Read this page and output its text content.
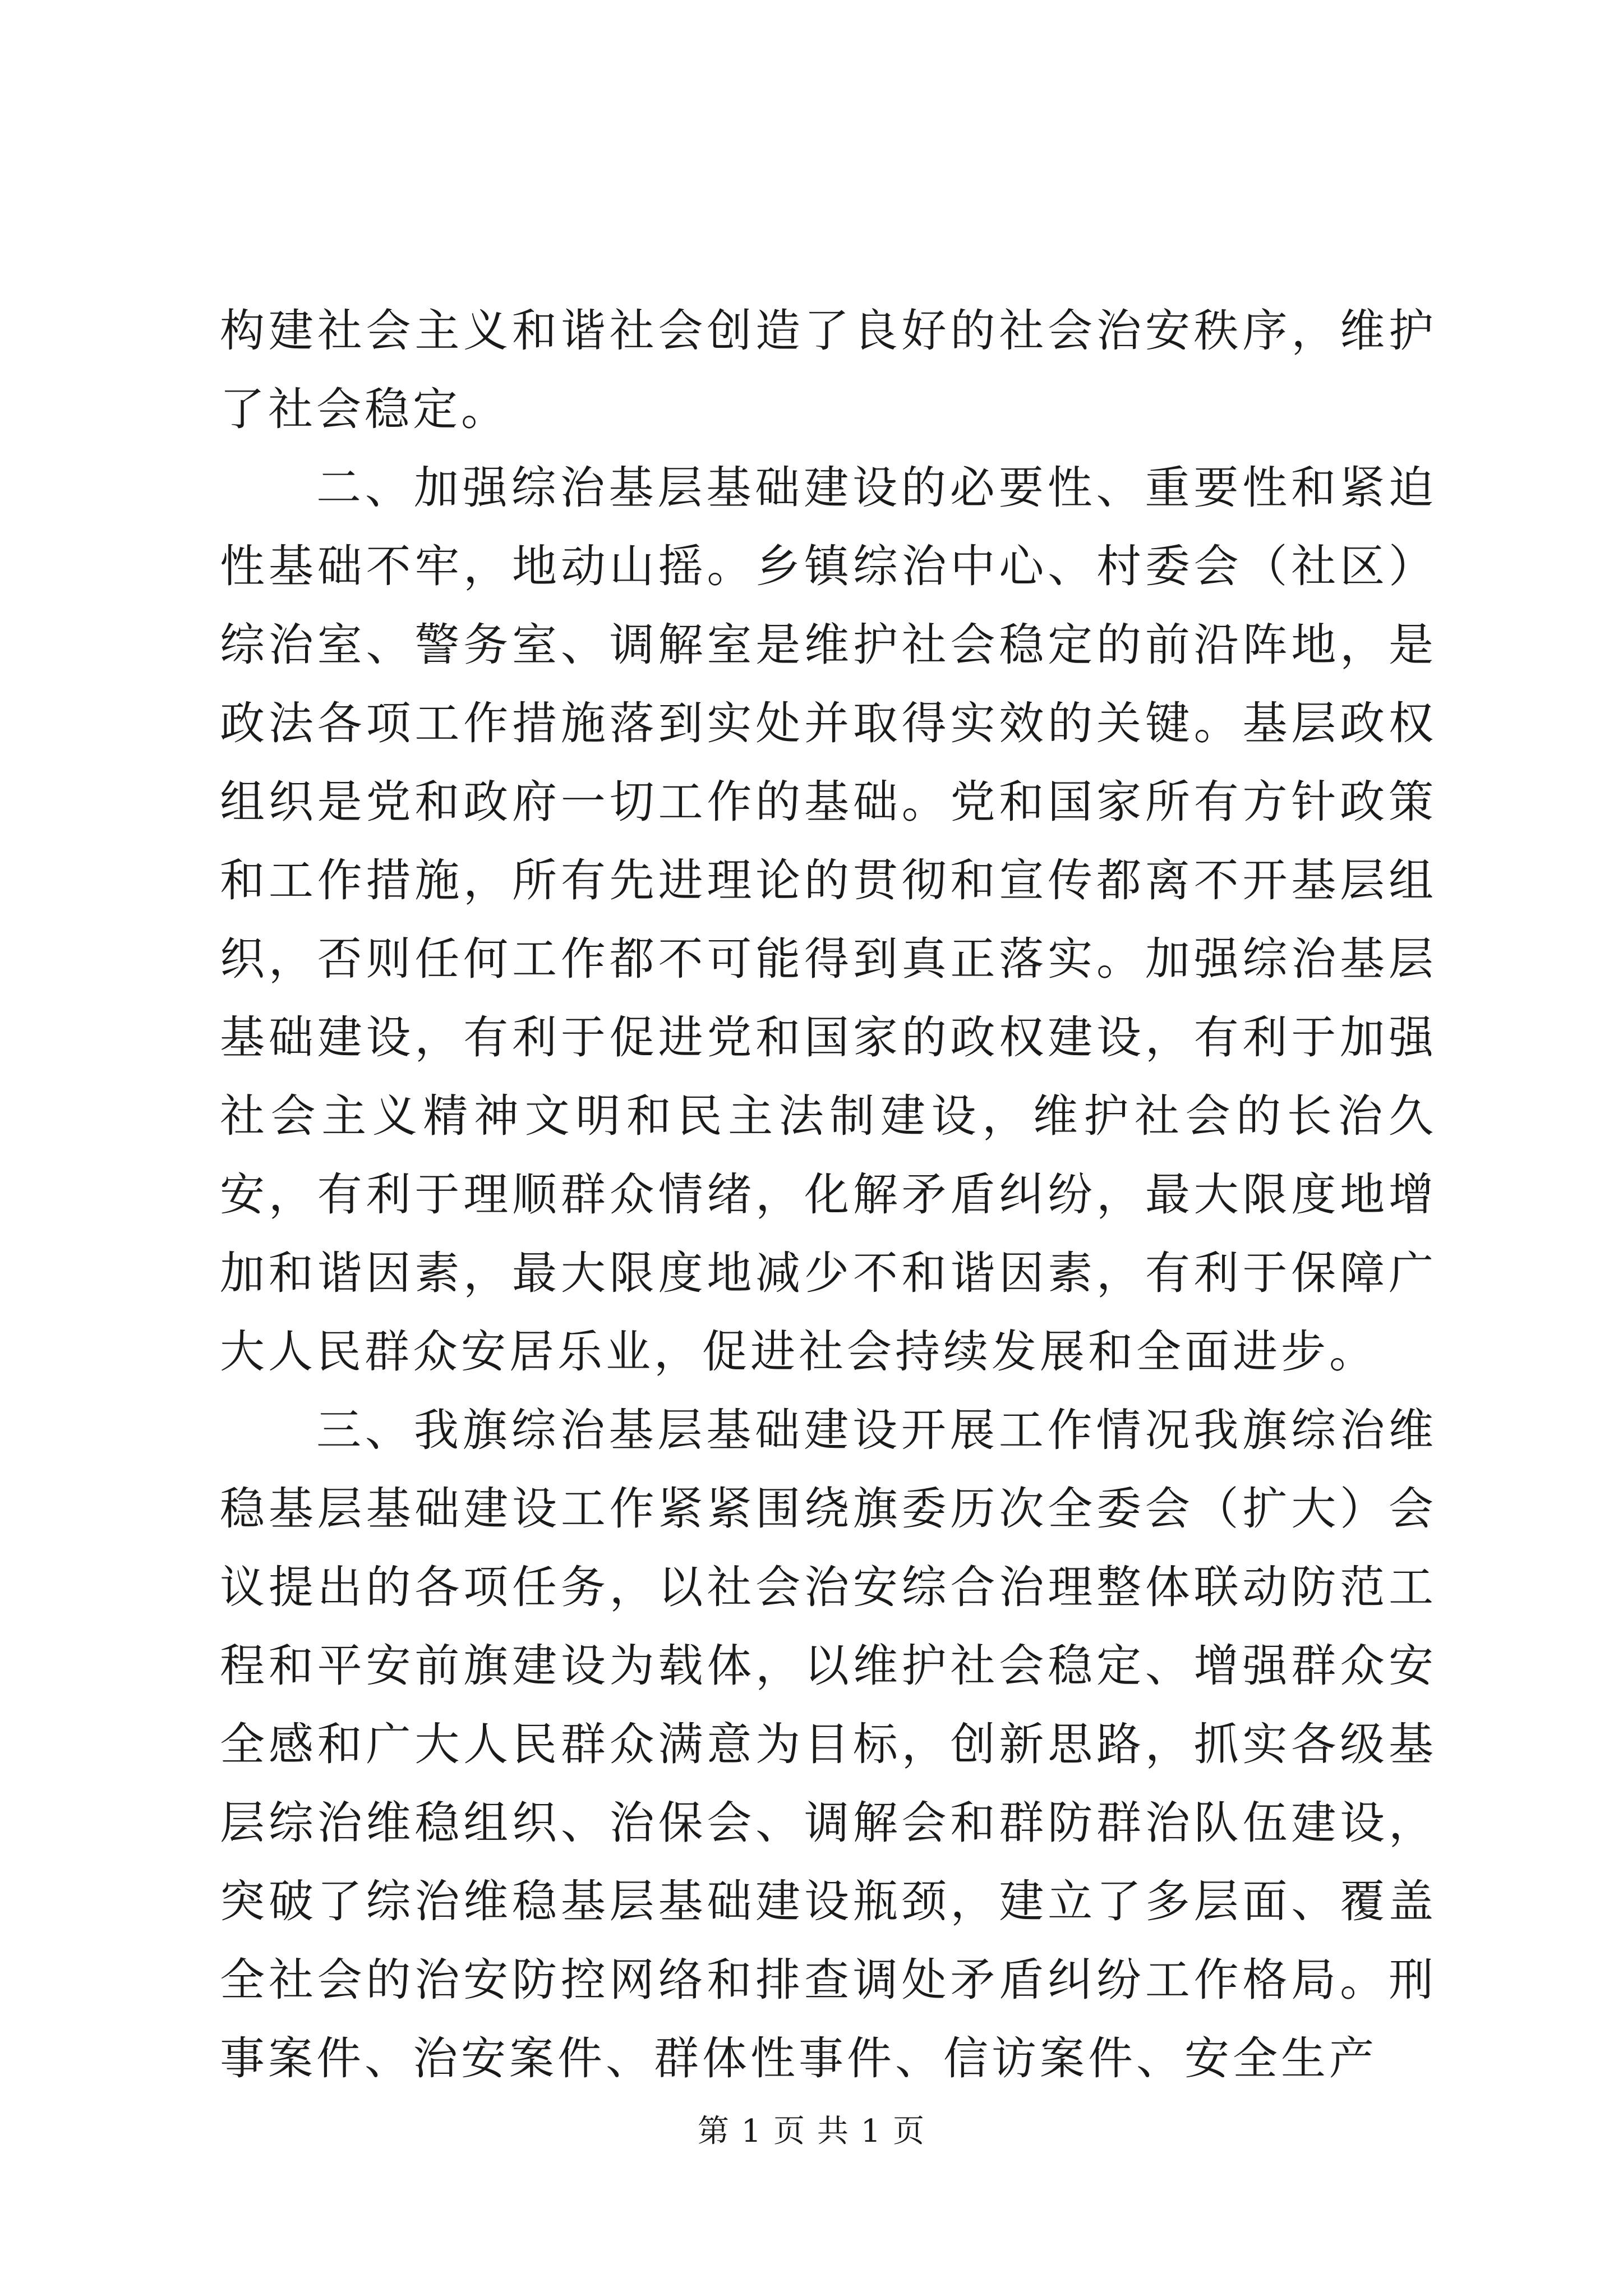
构建社会主义和谐社会创造了良好的社会治安秩序，维护了社会稳定。

二、加强综治基层基础建设的必要性、重要性和紧迫性基础不牢，地动山摇。乡镇综治中心、村委会（社区）综治室、警务室、调解室是维护社会稳定的前沿阵地，是政法各项工作措施落到实处并取得实效的关键。基层政权组织是党和政府一切工作的基础。党和国家所有方针政策和工作措施，所有先进理论的贯彻和宣传都离不开基层组织，否则任何工作都不可能得到真正落实。加强综治基层基础建设，有利于促进党和国家的政权建设，有利于加强社会主义精神文明和民主法制建设，维护社会的长治久安，有利于理顺群众情绪，化解矛盾纠纷，最大限度地增加和谐因素，最大限度地减少不和谐因素，有利于保障广大人民群众安居乐业，促进社会持续发展和全面进步。

三、我旗综治基层基础建设开展工作情况我旗综治维稳基层基础建设工作紧紧围绕旗委历次全委会（扩大）会议提出的各项任务，以社会治安综合治理整体联动防范工程和平安前旗建设为载体，以维护社会稳定、增强群众安全感和广大人民群众满意为目标，创新思路，抓实各级基层综治维稳组织、治保会、调解会和群防群治队伍建设，突破了综治维稳基层基础建设瓶颈，建立了多层面、覆盖全社会的治安防控网络和排查调处矛盾纠纷工作格局。刑事案件、治安案件、群体性事件、信访案件、安全生产

第 1 页 共 1 页
